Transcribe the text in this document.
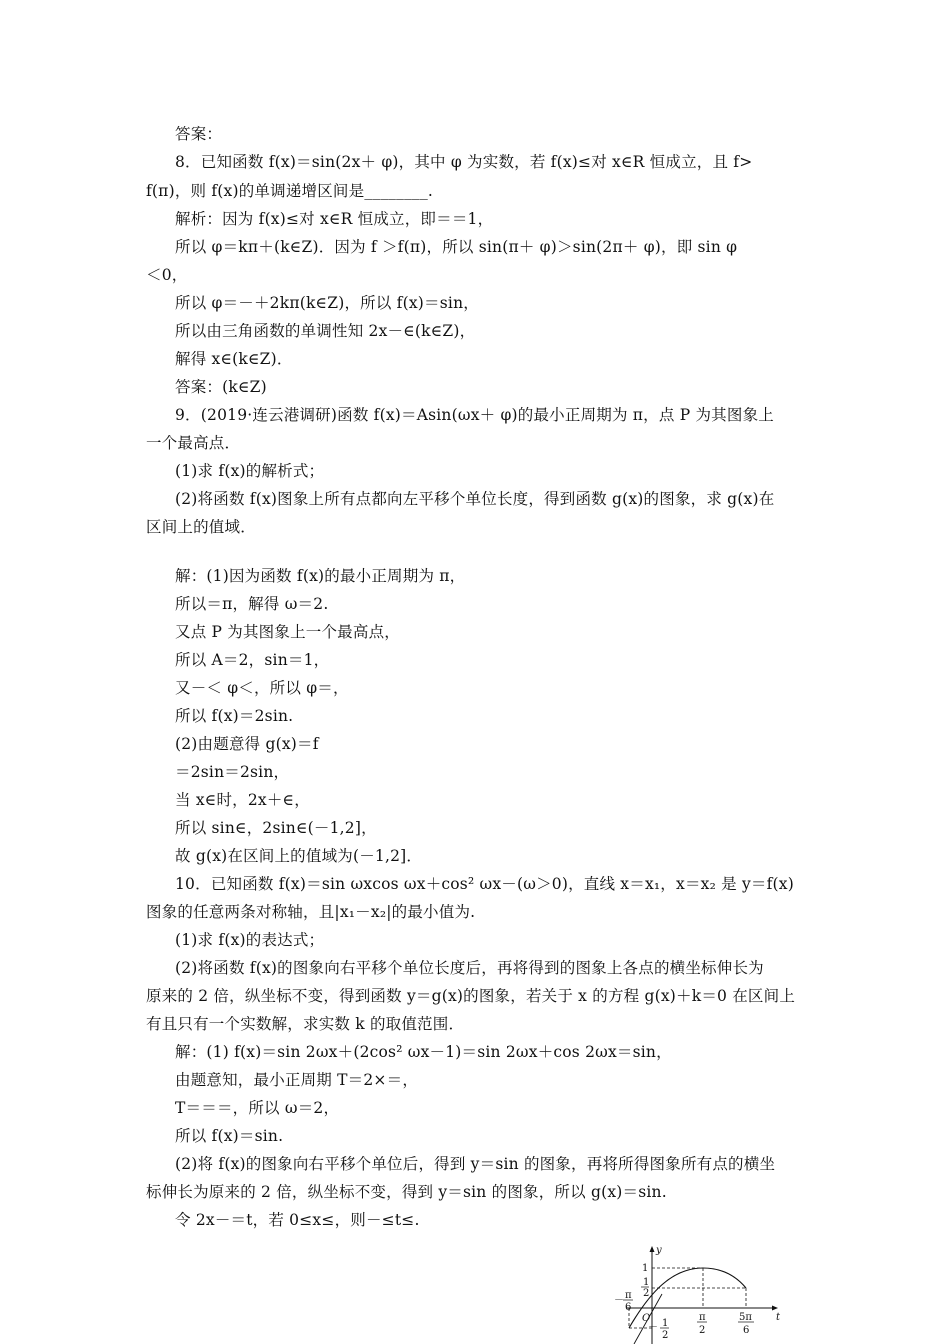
答案：
8．已知函数 f(x)＝sin(2x＋ φ)，其中 φ 为实数，若 f(x)≤对 x∈R 恒成立，且 f>
f(π)，则 f(x)的单调递增区间是________.
解析：因为 f(x)≤对 x∈R 恒成立，即＝＝1，
所以 φ＝kπ＋(k∈Z)．因为 f ＞f(π)，所以 sin(π＋ φ)＞sin(2π＋ φ)，即 sin φ
＜0，
所以 φ＝－＋2kπ(k∈Z)，所以 f(x)＝sin，
所以由三角函数的单调性知 2x－∈(k∈Z)，
解得 x∈(k∈Z)．
答案：(k∈Z)
9．(2019·连云港调研)函数 f(x)＝Asin(ωx＋ φ)的最小正周期为 π，点 P 为其图象上
一个最高点．
(1)求 f(x)的解析式；
(2)将函数 f(x)图象上所有点都向左平移个单位长度，得到函数 g(x)的图象，求 g(x)在
区间上的值域．
解：(1)因为函数 f(x)的最小正周期为 π，
所以＝π，解得 ω＝2.
又点 P 为其图象上一个最高点，
所以 A＝2，sin＝1，
又－＜ φ＜，所以 φ＝，
所以 f(x)＝2sin.
(2)由题意得 g(x)＝f
＝2sin＝2sin，
当 x∈时，2x＋∈，
所以 sin∈，2sin∈(－1,2]，
故 g(x)在区间上的值域为(－1,2]．
10．已知函数 f(x)＝sin ωxcos ωx＋cos² ωx－(ω＞0)，直线 x＝x₁，x＝x₂ 是 y＝f(x)
图象的任意两条对称轴，且|x₁－x₂|的最小值为.
(1)求 f(x)的表达式；
(2)将函数 f(x)的图象向右平移个单位长度后，再将得到的图象上各点的横坐标伸长为
原来的 2 倍，纵坐标不变，得到函数 y＝g(x)的图象，若关于 x 的方程 g(x)＋k＝0 在区间上
有且只有一个实数解，求实数 k 的取值范围．
解：(1) f(x)＝sin 2ωx＋(2cos² ωx－1)＝sin 2ωx＋cos 2ωx＝sin，
由题意知，最小正周期 T＝2×＝，
T＝＝＝，所以 ω＝2，
所以 f(x)＝sin.
(2)将 f(x)的图象向右平移个单位后，得到 y＝sin 的图象，再将所得图象所有点的横坐
标伸长为原来的 2 倍，纵坐标不变，得到 y＝sin 的图象，所以 g(x)＝sin.
令 2x－＝t，若 0≤x≤，则－≤t≤.
y
t
O
1
1
2
－ 1
2
－ π
6
π
2
5π
6
